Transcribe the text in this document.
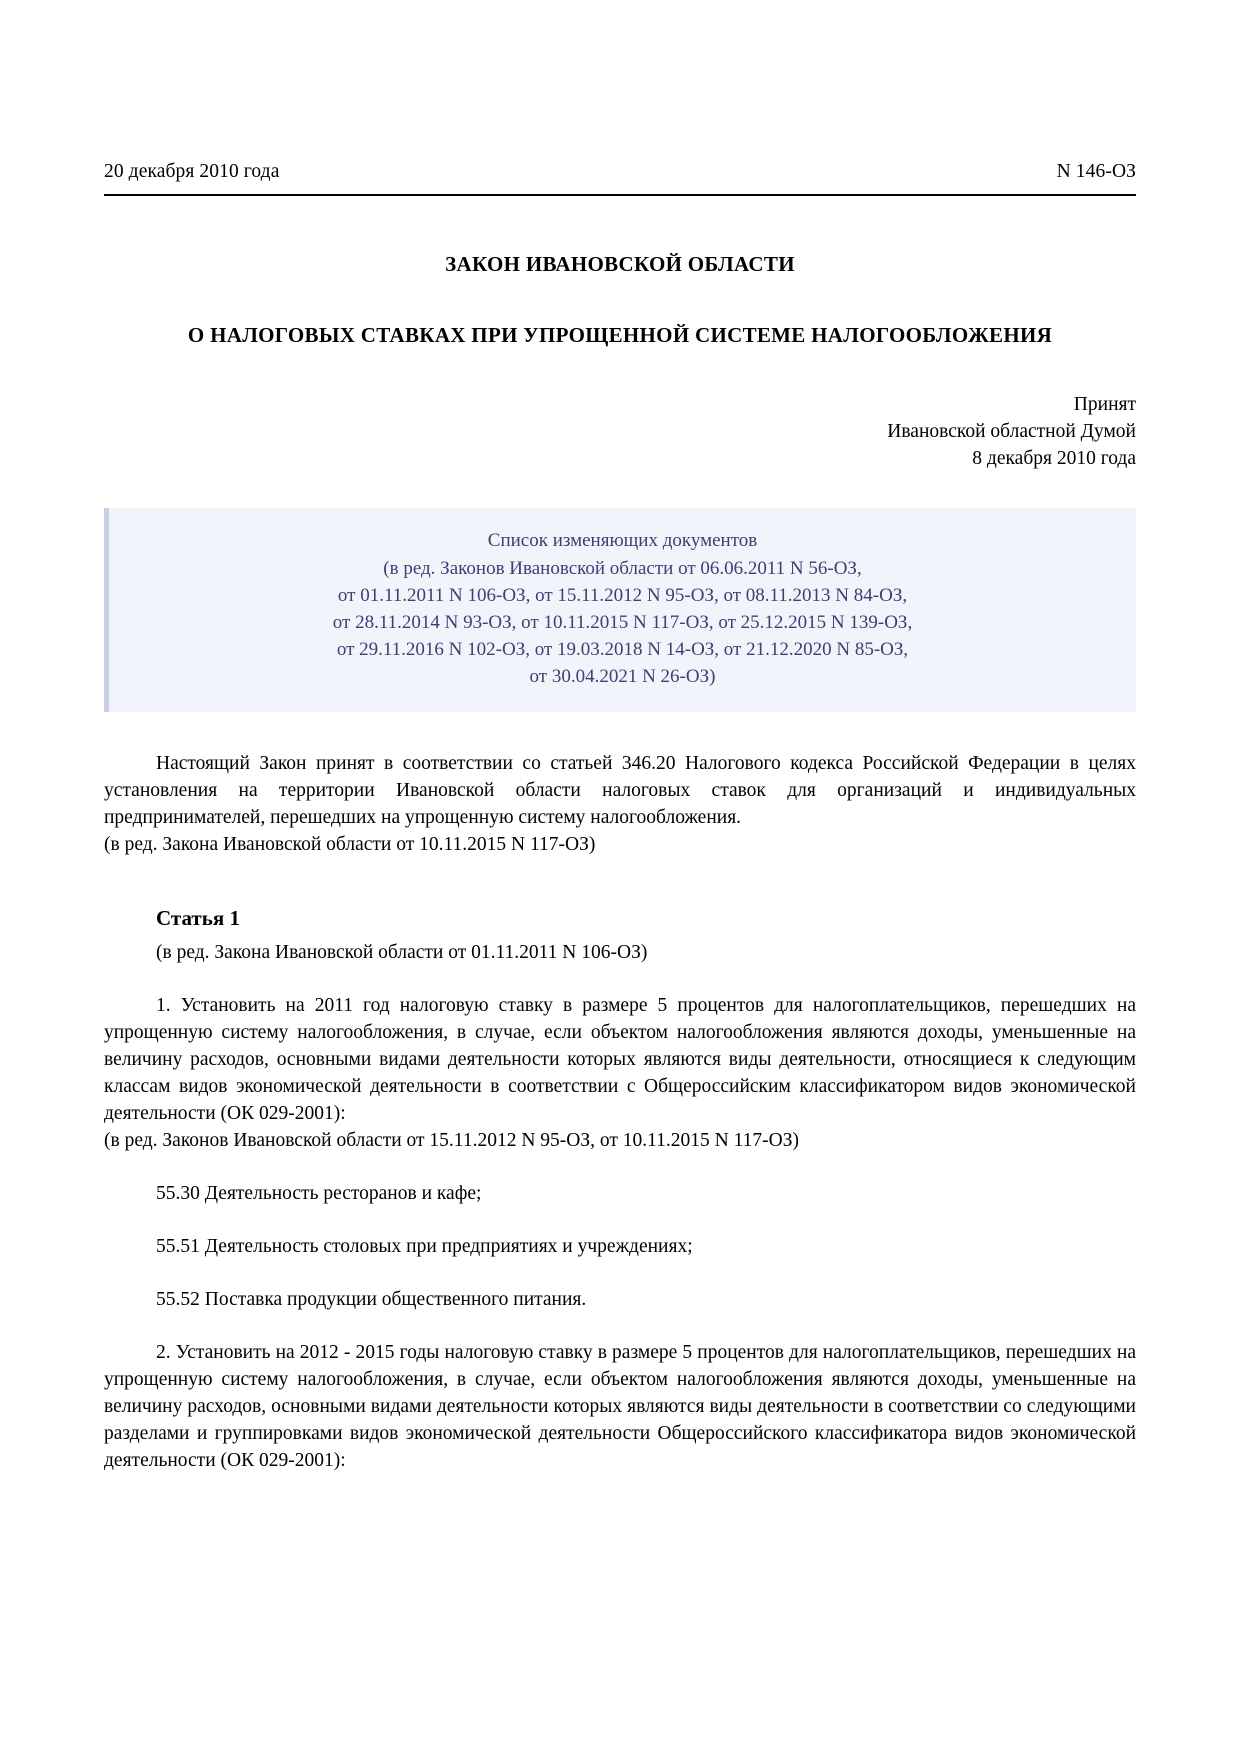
20 декабря 2010 года	N 146-ОЗ
ЗАКОН ИВАНОВСКОЙ ОБЛАСТИ
О НАЛОГОВЫХ СТАВКАХ ПРИ УПРОЩЕННОЙ СИСТЕМЕ НАЛОГООБЛОЖЕНИЯ
Принят
Ивановской областной Думой
8 декабря 2010 года
Список изменяющих документов
(в ред. Законов Ивановской области от 06.06.2011 N 56-ОЗ,
от 01.11.2011 N 106-ОЗ, от 15.11.2012 N 95-ОЗ, от 08.11.2013 N 84-ОЗ,
от 28.11.2014 N 93-ОЗ, от 10.11.2015 N 117-ОЗ, от 25.12.2015 N 139-ОЗ,
от 29.11.2016 N 102-ОЗ, от 19.03.2018 N 14-ОЗ, от 21.12.2020 N 85-ОЗ,
от 30.04.2021 N 26-ОЗ)

Настоящий Закон принят в соответствии со статьей 346.20 Налогового кодекса Российской Федерации в целях установления на территории Ивановской области налоговых ставок для организаций и индивидуальных предпринимателей, перешедших на упрощенную систему налогообложения.

(в ред. Закона Ивановской области от 10.11.2015 N 117-ОЗ)

Статья 1

(в ред. Закона Ивановской области от 01.11.2011 N 106-ОЗ)

1. Установить на 2011 год налоговую ставку в размере 5 процентов для налогоплательщиков, перешедших на упрощенную систему налогообложения, в случае, если объектом налогообложения являются доходы, уменьшенные на величину расходов, основными видами деятельности которых являются виды деятельности, относящиеся к следующим классам видов экономической деятельности в соответствии с Общероссийским классификатором видов экономической деятельности (ОК 029-2001):

(в ред. Законов Ивановской области от 15.11.2012 N 95-ОЗ, от 10.11.2015 N 117-ОЗ)

55.30 Деятельность ресторанов и кафе;

55.51 Деятельность столовых при предприятиях и учреждениях;

55.52 Поставка продукции общественного питания.

2. Установить на 2012 - 2015 годы налоговую ставку в размере 5 процентов для налогоплательщиков, перешедших на упрощенную систему налогообложения, в случае, если объектом налогообложения являются доходы, уменьшенные на величину расходов, основными видами деятельности которых являются виды деятельности в соответствии со следующими разделами и группировками видов экономической деятельности Общероссийского классификатора видов экономической деятельности (ОК 029-2001):
